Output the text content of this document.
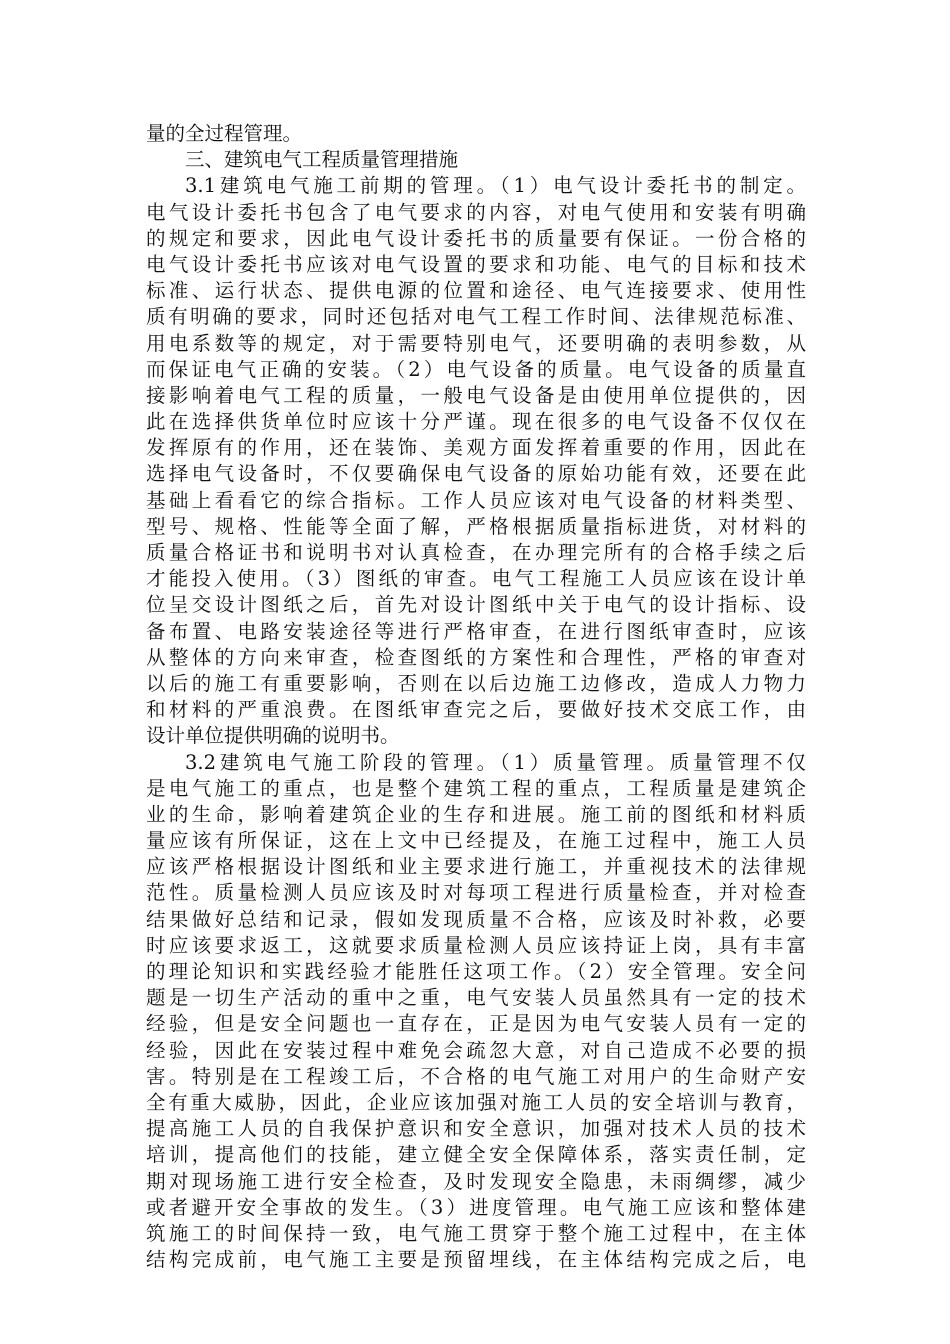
量的全过程管理。
三、建筑电气工程质量管理措施
3.1建筑电气施工前期的管理。（1）电气设计委托书的制定。
电气设计委托书包含了电气要求的内容，对电气使用和安装有明确
的规定和要求，因此电气设计委托书的质量要有保证。一份合格的
电气设计委托书应该对电气设置的要求和功能、电气的目标和技术
标准、运行状态、提供电源的位置和途径、电气连接要求、使用性
质有明确的要求，同时还包括对电气工程工作时间、法律规范标准、
用电系数等的规定，对于需要特别电气，还要明确的表明参数，从
而保证电气正确的安装。（2）电气设备的质量。电气设备的质量直
接影响着电气工程的质量，一般电气设备是由使用单位提供的，因
此在选择供货单位时应该十分严谨。现在很多的电气设备不仅仅在
发挥原有的作用，还在装饰、美观方面发挥着重要的作用，因此在
选择电气设备时，不仅要确保电气设备的原始功能有效，还要在此
基础上看看它的综合指标。工作人员应该对电气设备的材料类型、
型号、规格、性能等全面了解，严格根据质量指标进货，对材料的
质量合格证书和说明书对认真检查，在办理完所有的合格手续之后
才能投入使用。（3）图纸的审查。电气工程施工人员应该在设计单
位呈交设计图纸之后，首先对设计图纸中关于电气的设计指标、设
备布置、电路安装途径等进行严格审查，在进行图纸审查时，应该
从整体的方向来审查，检查图纸的方案性和合理性，严格的审查对
以后的施工有重要影响，否则在以后边施工边修改，造成人力物力
和材料的严重浪费。在图纸审查完之后，要做好技术交底工作，由
设计单位提供明确的说明书。
3.2建筑电气施工阶段的管理。（1）质量管理。质量管理不仅
是电气施工的重点，也是整个建筑工程的重点，工程质量是建筑企
业的生命，影响着建筑企业的生存和进展。施工前的图纸和材料质
量应该有所保证，这在上文中已经提及，在施工过程中，施工人员
应该严格根据设计图纸和业主要求进行施工，并重视技术的法律规
范性。质量检测人员应该及时对每项工程进行质量检查，并对检查
结果做好总结和记录，假如发现质量不合格，应该及时补救，必要
时应该要求返工，这就要求质量检测人员应该持证上岗，具有丰富
的理论知识和实践经验才能胜任这项工作。（2）安全管理。安全问
题是一切生产活动的重中之重，电气安装人员虽然具有一定的技术
经验，但是安全问题也一直存在，正是因为电气安装人员有一定的
经验，因此在安装过程中难免会疏忽大意，对自己造成不必要的损
害。特别是在工程竣工后，不合格的电气施工对用户的生命财产安
全有重大威胁，因此，企业应该加强对施工人员的安全培训与教育，
提高施工人员的自我保护意识和安全意识，加强对技术人员的技术
培训，提高他们的技能，建立健全安全保障体系，落实责任制，定
期对现场施工进行安全检查，及时发现安全隐患，未雨绸缪，减少
或者避开安全事故的发生。（3）进度管理。电气施工应该和整体建
筑施工的时间保持一致，电气施工贯穿于整个施工过程中，在主体
结构完成前，电气施工主要是预留埋线，在主体结构完成之后，电
